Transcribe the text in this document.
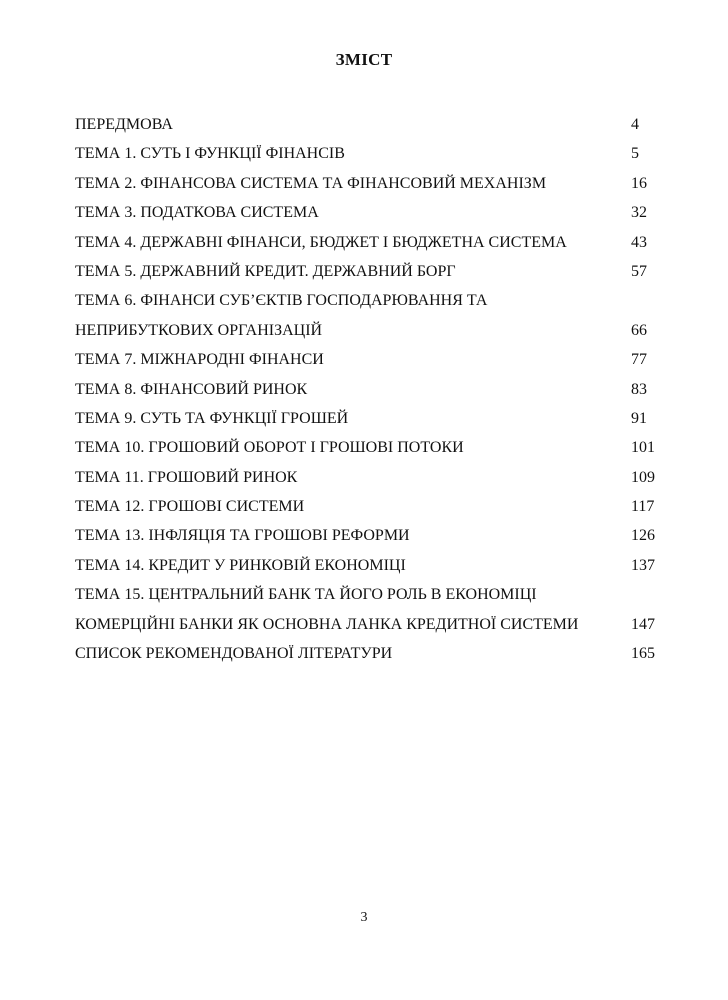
ЗМІСТ
ПЕРЕДМОВА	4
ТЕМА 1. СУТЬ І ФУНКЦІЇ ФІНАНСІВ	5
ТЕМА 2. ФІНАНСОВА СИСТЕМА ТА ФІНАНСОВИЙ МЕХАНІЗМ	16
ТЕМА 3. ПОДАТКОВА СИСТЕМА	32
ТЕМА 4. ДЕРЖАВНІ ФІНАНСИ, БЮДЖЕТ І БЮДЖЕТНА СИСТЕМА	43
ТЕМА 5. ДЕРЖАВНИЙ КРЕДИТ. ДЕРЖАВНИЙ БОРГ	57
ТЕМА 6. ФІНАНСИ СУБ’ЄКТІВ ГОСПОДАРЮВАННЯ ТА
НЕПРИБУТКОВИХ ОРГАНІЗАЦІЙ	66
ТЕМА 7. МІЖНАРОДНІ ФІНАНСИ	77
ТЕМА 8. ФІНАНСОВИЙ РИНОК	83
ТЕМА 9. СУТЬ ТА ФУНКЦІЇ ГРОШЕЙ	91
ТЕМА 10. ГРОШОВИЙ ОБОРОТ І ГРОШОВІ ПОТОКИ	101
ТЕМА 11. ГРОШОВИЙ РИНОК	109
ТЕМА 12. ГРОШОВІ СИСТЕМИ	117
ТЕМА 13. ІНФЛЯЦІЯ ТА ГРОШОВІ РЕФОРМИ	126
ТЕМА 14. КРЕДИТ У РИНКОВІЙ ЕКОНОМІЦІ	137
ТЕМА 15. ЦЕНТРАЛЬНИЙ БАНК ТА ЙОГО РОЛЬ В ЕКОНОМІЦІ
КОМЕРЦІЙНІ БАНКИ ЯК ОСНОВНА ЛАНКА КРЕДИТНОЇ СИСТЕМИ	147
СПИСОК РЕКОМЕНДОВАНОЇ ЛІТЕРАТУРИ	165
3
